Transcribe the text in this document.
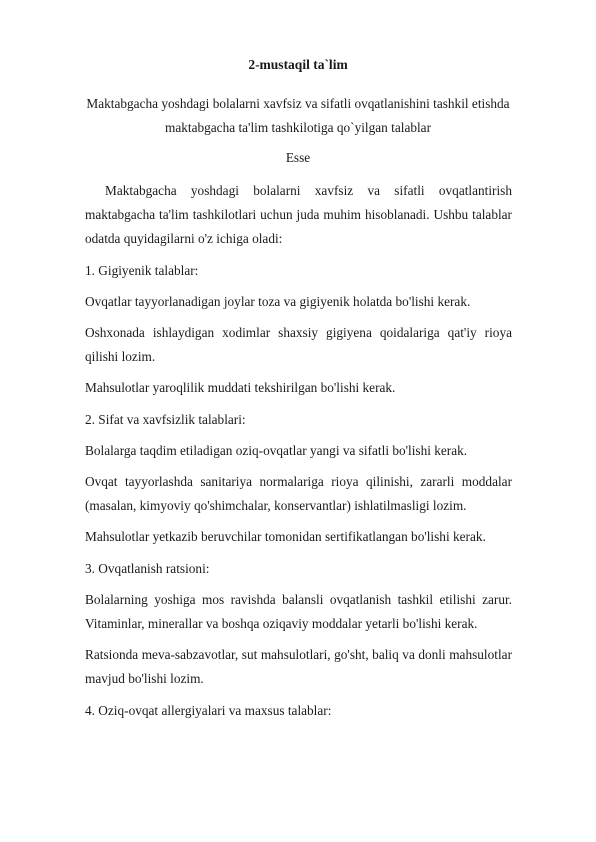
2-mustaqil ta`lim
Maktabgacha yoshdagi bolalarni xavfsiz va sifatli ovqatlanishini tashkil etishda maktabgacha ta'lim tashkilotiga qo`yilgan talablar
Esse

Maktabgacha yoshdagi bolalarni xavfsiz va sifatli ovqatlantirish maktabgacha ta'lim tashkilotlari uchun juda muhim hisoblanadi. Ushbu talablar odatda quyidagilarni o'z ichiga oladi:

1. Gigiyenik talablar:

Ovqatlar tayyorlanadigan joylar toza va gigiyenik holatda bo'lishi kerak.

Oshxonada ishlaydigan xodimlar shaxsiy gigiyena qoidalariga qat'iy rioya qilishi lozim.

Mahsulotlar yaroqlilik muddati tekshirilgan bo'lishi kerak.

2. Sifat va xavfsizlik talablari:

Bolalarga taqdim etiladigan oziq-ovqatlar yangi va sifatli bo'lishi kerak.

Ovqat tayyorlashda sanitariya normalariga rioya qilinishi, zararli moddalar (masalan, kimyoviy qo'shimchalar, konservantlar) ishlatilmasligi lozim.

Mahsulotlar yetkazib beruvchilar tomonidan sertifikatlangan bo'lishi kerak.

3. Ovqatlanish ratsioni:

Bolalarning yoshiga mos ravishda balansli ovqatlanish tashkil etilishi zarur. Vitaminlar, minerallar va boshqa oziqaviy moddalar yetarli bo'lishi kerak.

Ratsionda meva-sabzavotlar, sut mahsulotlari, go'sht, baliq va donli mahsulotlar mavjud bo'lishi lozim.

4. Oziq-ovqat allergiyalari va maxsus talablar:
